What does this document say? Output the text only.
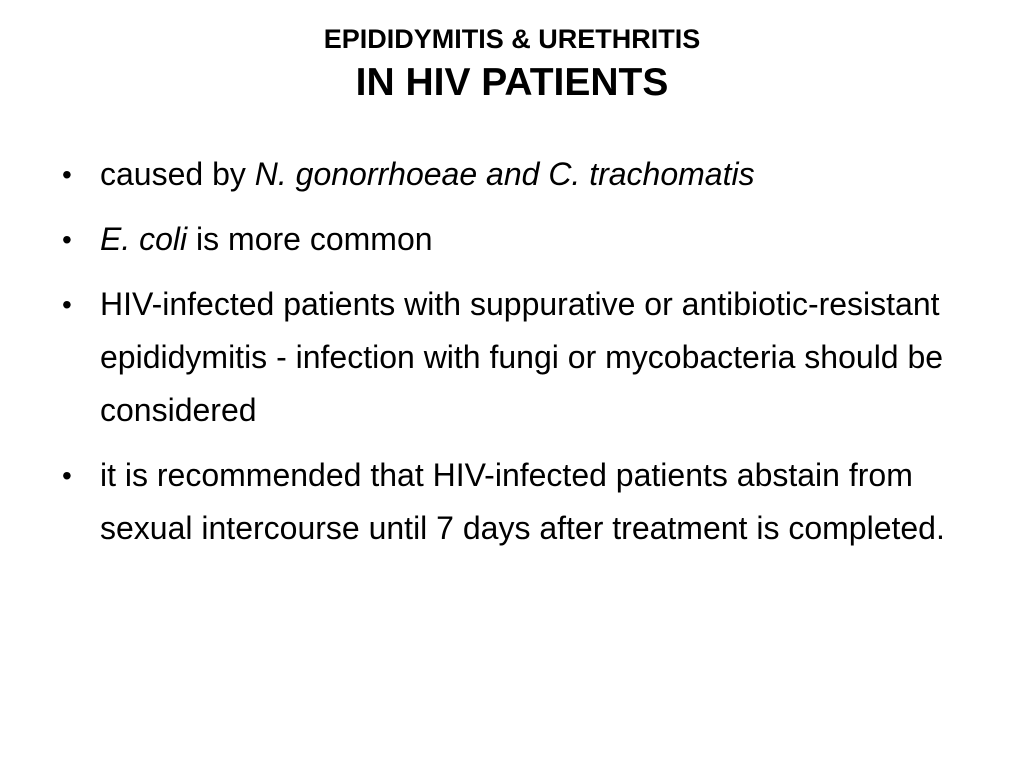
EPIDIDYMITIS & URETHRITIS
IN HIV PATIENTS
• caused by N. gonorrhoeae and C. trachomatis
• E. coli is more common
• HIV-infected patients with suppurative or antibiotic-resistant epididymitis - infection with fungi or mycobacteria should be considered
• it is recommended that HIV-infected patients abstain from sexual intercourse until 7 days after treatment is completed.
